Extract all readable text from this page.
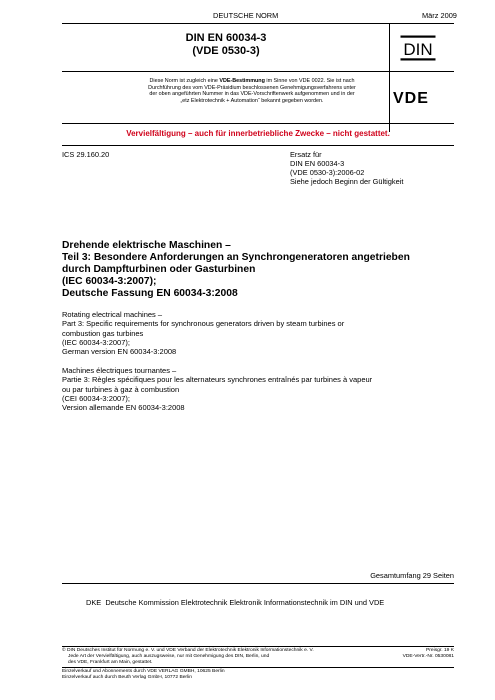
DEUTSCHE NORM	März 2009
DIN EN 60034-3
(VDE 0530-3)	DIN
Diese Norm ist zugleich eine VDE-Bestimmung im Sinne von VDE 0022. Sie ist nach
Durchführung des vom VDE-Präsidium beschlossenen Genehmigungsverfahrens unter
der oben angeführten Nummer in das VDE-Vorschriftenwerk aufgenommen und in der
„etz Elektrotechnik + Automation“ bekannt gegeben worden.	VDE
Vervielfältigung – auch für innerbetriebliche Zwecke – nicht gestattet.
ICS 29.160.20	Ersatz für
DIN EN 60034-3
(VDE 0530-3):2006-02
Siehe jedoch Beginn der Gültigkeit
Drehende elektrische Maschinen –
Teil 3: Besondere Anforderungen an Synchrongeneratoren angetrieben
durch Dampfturbinen oder Gasturbinen
(IEC 60034-3:2007);
Deutsche Fassung EN 60034-3:2008
Rotating electrical machines –
Part 3: Specific requirements for synchronous generators driven by steam turbines or
combustion gas turbines
(IEC 60034-3:2007);
German version EN 60034-3:2008
Machines électriques tournantes –
Partie 3: Règles spécifiques pour les alternateurs synchrones entraînés par turbines à vapeur
ou par turbines à gaz à combustion
(CEI 60034-3:2007);
Version allemande EN 60034-3:2008
Gesamtumfang 29 Seiten
DKE Deutsche Kommission Elektrotechnik Elektronik Informationstechnik im DIN und VDE
© DIN Deutsches Institut für Normung e. V. und VDE Verband der Elektrotechnik Elektronik Informationstechnik e. V.
Jede Art der Vervielfältigung, auch auszugsweise, nur mit Genehmigung des DIN, Berlin, und
des VDE, Frankfurt am Main, gestattet.
Preisgr. 19 K
VDE-Vertr.-Nr. 0530081
Einzelverkauf und Abonnements durch VDE VERLAG GMBH, 10625 Berlin
Einzelverkauf auch durch Beuth Verlag GmbH, 10772 Berlin
